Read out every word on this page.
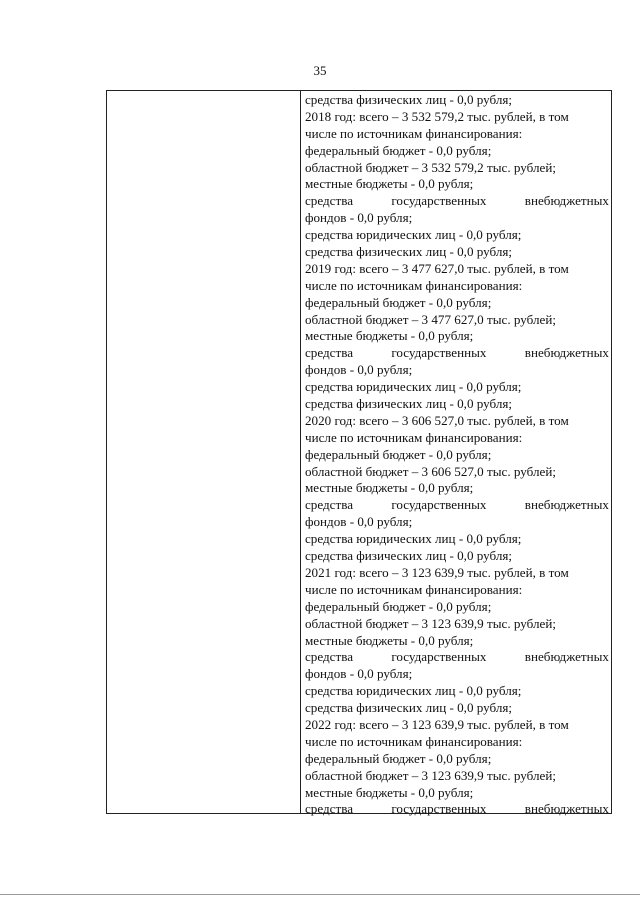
35
средства физических лиц - 0,0 рубля;
2018 год: всего – 3 532 579,2 тыс. рублей, в том
числе по источникам финансирования:
федеральный бюджет - 0,0 рубля;
областной бюджет – 3 532 579,2 тыс. рублей;
местные бюджеты - 0,0 рубля;
средства	государственных	внебюджетных
фондов - 0,0 рубля;
средства юридических лиц - 0,0 рубля;
средства физических лиц - 0,0 рубля;
2019 год: всего – 3 477 627,0 тыс. рублей, в том
числе по источникам финансирования:
федеральный бюджет - 0,0 рубля;
областной бюджет – 3 477 627,0 тыс. рублей;
местные бюджеты - 0,0 рубля;
средства	государственных	внебюджетных
фондов - 0,0 рубля;
средства юридических лиц - 0,0 рубля;
средства физических лиц - 0,0 рубля;
2020 год: всего – 3 606 527,0 тыс. рублей, в том
числе по источникам финансирования:
федеральный бюджет - 0,0 рубля;
областной бюджет – 3 606 527,0 тыс. рублей;
местные бюджеты - 0,0 рубля;
средства	государственных	внебюджетных
фондов - 0,0 рубля;
средства юридических лиц - 0,0 рубля;
средства физических лиц - 0,0 рубля;
2021 год: всего – 3 123 639,9 тыс. рублей, в том
числе по источникам финансирования:
федеральный бюджет - 0,0 рубля;
областной бюджет – 3 123 639,9 тыс. рублей;
местные бюджеты - 0,0 рубля;
средства	государственных	внебюджетных
фондов - 0,0 рубля;
средства юридических лиц - 0,0 рубля;
средства физических лиц - 0,0 рубля;
2022 год: всего – 3 123 639,9 тыс. рублей, в том
числе по источникам финансирования:
федеральный бюджет - 0,0 рубля;
областной бюджет – 3 123 639,9 тыс. рублей;
местные бюджеты - 0,0 рубля;
средства	государственных	внебюджетных
